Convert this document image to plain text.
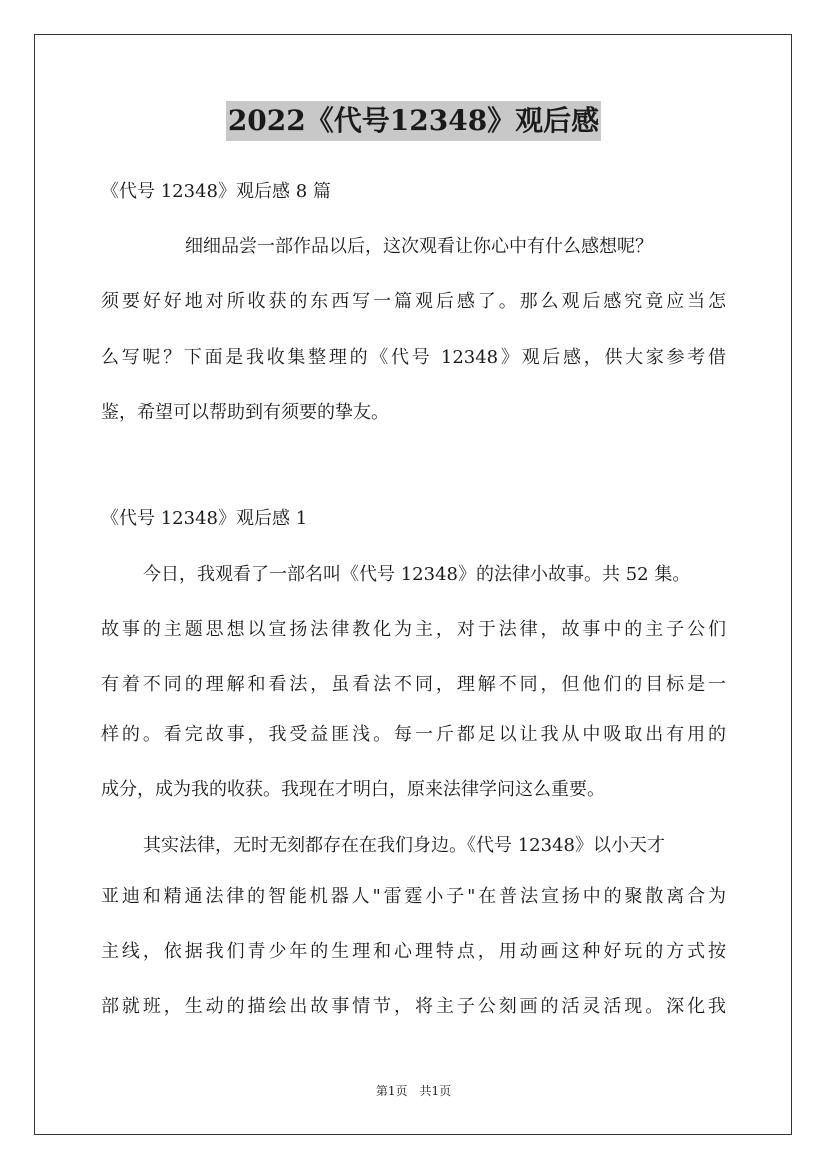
2022《代号12348》观后感
《代号 12348》观后感 8 篇
细细品尝一部作品以后，这次观看让你心中有什么感想呢？
须要好好地对所收获的东西写一篇观后感了。那么观后感究竟应当怎
么写呢？下面是我收集整理的《代号 12348》观后感，供大家参考借
鉴，希望可以帮助到有须要的挚友。
《代号 12348》观后感 1
今日，我观看了一部名叫《代号 12348》的法律小故事。共 52 集。
故事的主题思想以宣扬法律教化为主，对于法律，故事中的主子公们
有着不同的理解和看法，虽看法不同，理解不同，但他们的目标是一
样的。看完故事，我受益匪浅。每一斤都足以让我从中吸取出有用的
成分，成为我的收获。我现在才明白，原来法律学问这么重要。
其实法律，无时无刻都存在在我们身边。《代号 12348》以小天才
亚迪和精通法律的智能机器人"雷霆小子"在普法宣扬中的聚散离合为
主线，依据我们青少年的生理和心理特点，用动画这种好玩的方式按
部就班，生动的描绘出故事情节，将主子公刻画的活灵活现。深化我
第1页　共1页
